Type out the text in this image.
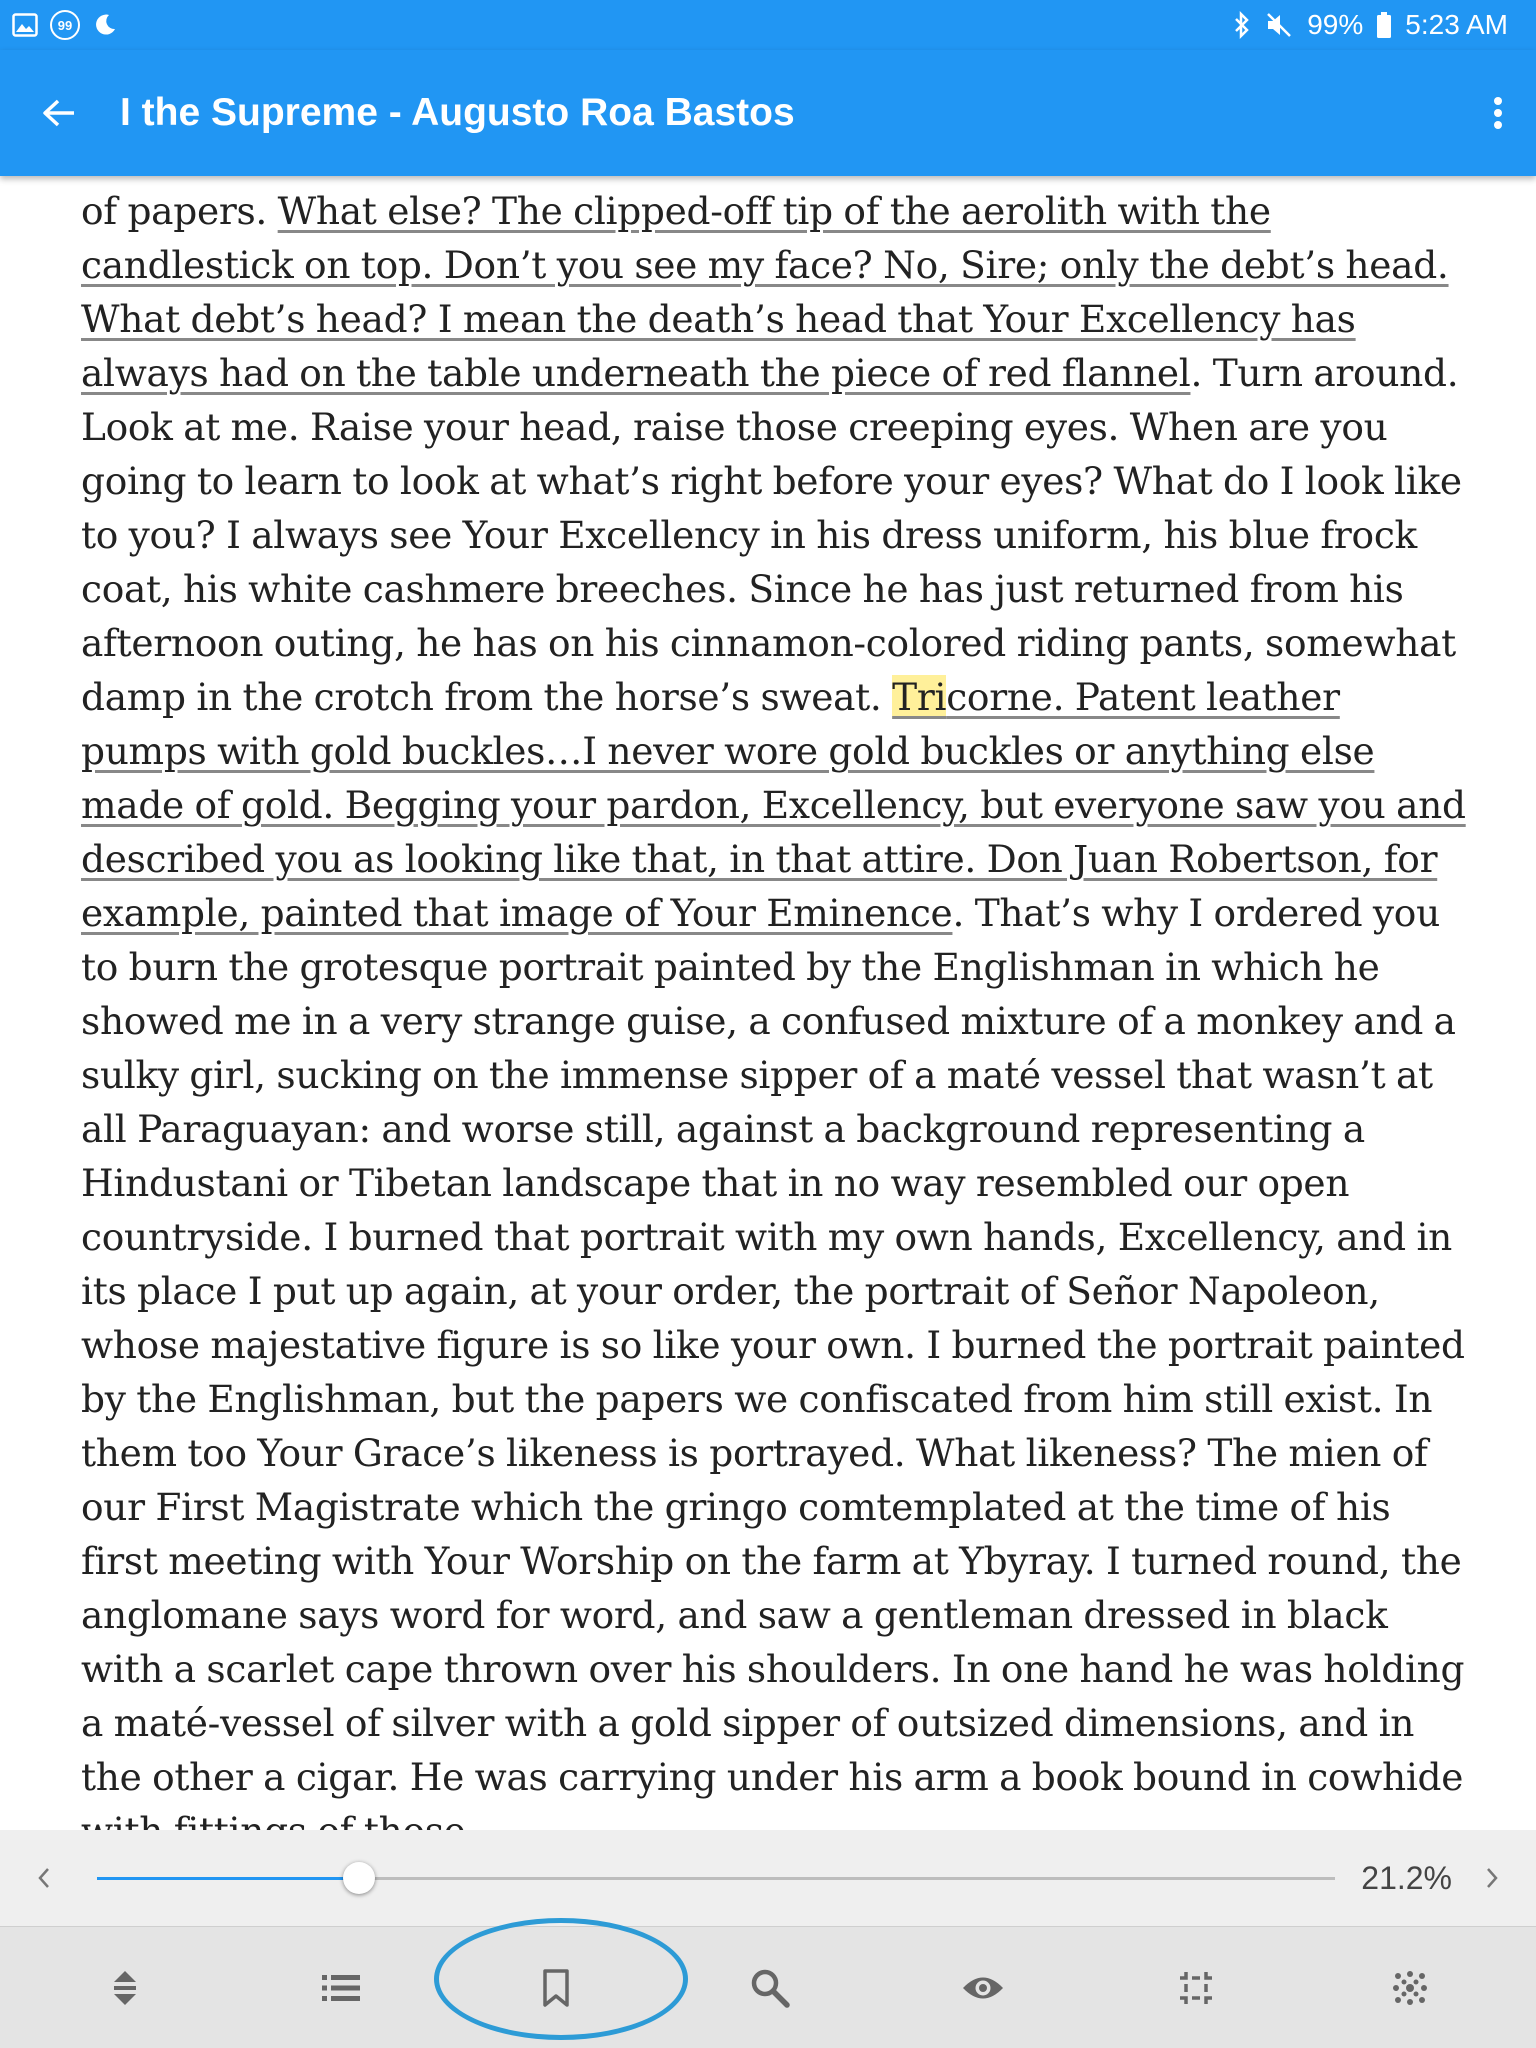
99	99% 5:23 AM
I the Supreme - Augusto Roa Bastos

of papers. What else? The clipped-off tip of the aerolith with the candlestick on top. Don’t you see my face? No, Sire; only the debt’s head. What debt’s head? I mean the death’s head that Your Excellency has always had on the table underneath the piece of red flannel. Turn around. Look at me. Raise your head, raise those creeping eyes. When are you going to learn to look at what’s right before your eyes? What do I look like to you? I always see Your Excellency in his dress uniform, his blue frock coat, his white cashmere breeches. Since he has just returned from his afternoon outing, he has on his cinnamon-colored riding pants, somewhat damp in the crotch from the horse’s sweat. Tricorne. Patent leather pumps with gold buckles…I never wore gold buckles or anything else made of gold. Begging your pardon, Excellency, but everyone saw you and described you as looking like that, in that attire. Don Juan Robertson, for example, painted that image of Your Eminence. That’s why I ordered you to burn the grotesque portrait painted by the Englishman in which he showed me in a very strange guise, a confused mixture of a monkey and a sulky girl, sucking on the immense sipper of a maté vessel that wasn’t at all Paraguayan: and worse still, against a background representing a Hindustani or Tibetan landscape that in no way resembled our open countryside. I burned that portrait with my own hands, Excellency, and in its place I put up again, at your order, the portrait of Señor Napoleon, whose majestative figure is so like your own. I burned the portrait painted by the Englishman, but the papers we confiscated from him still exist. In them too Your Grace’s likeness is portrayed. What likeness? The mien of our First Magistrate which the gringo comtemplated at the time of his first meeting with Your Worship on the farm at Ybyray. I turned round, the anglomane says word for word, and saw a gentleman dressed in black with a scarlet cape thrown over his shoulders. In one hand he was holding a maté-vessel of silver with a gold sipper of outsized dimensions, and in the other a cigar. He was carrying under his arm a book bound in cowhide

21.2%
